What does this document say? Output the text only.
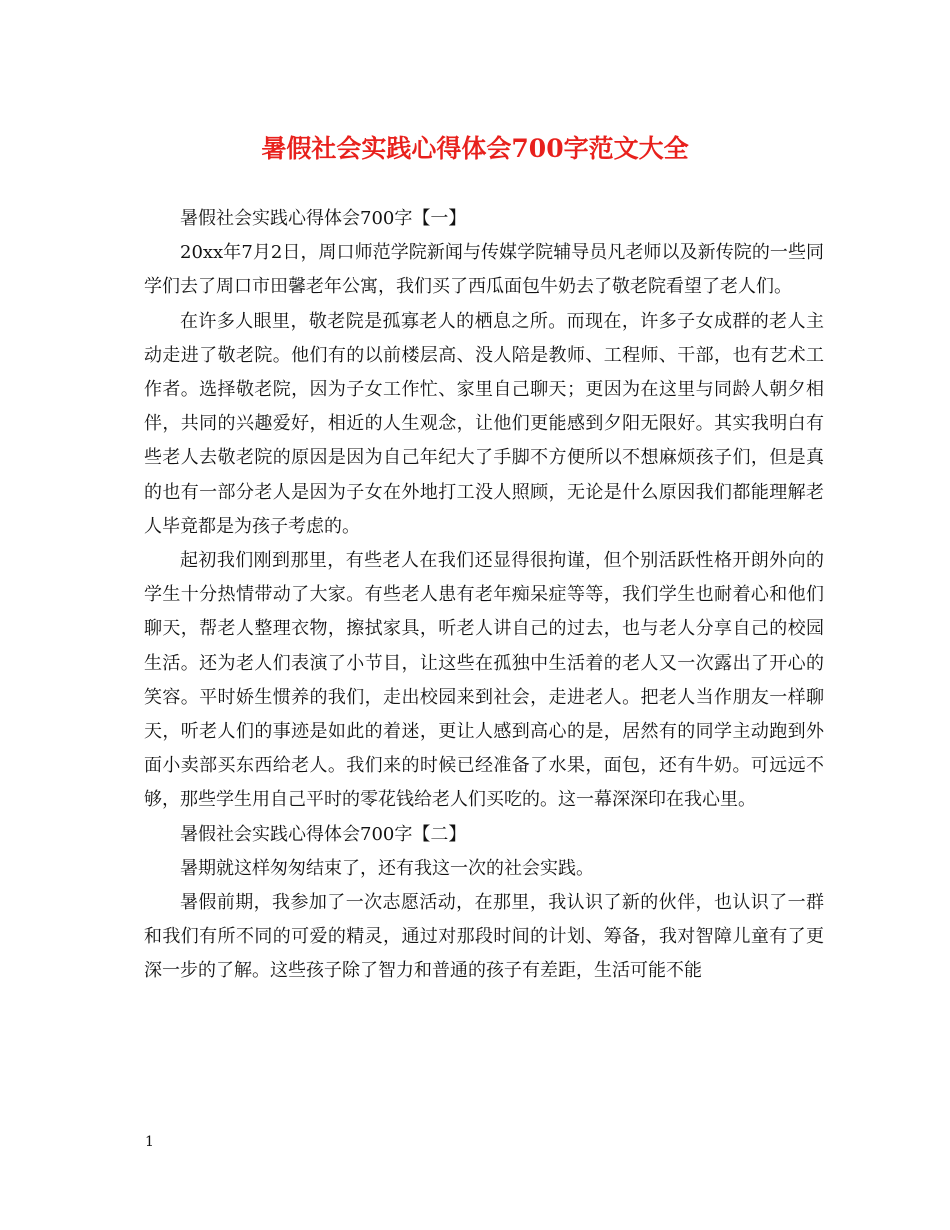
暑假社会实践心得体会700字范文大全

暑假社会实践心得体会700字【一】

20xx年7月2日，周口师范学院新闻与传媒学院辅导员凡老师以及新传院的一些同学们去了周口市田馨老年公寓，我们买了西瓜面包牛奶去了敬老院看望了老人们。

在许多人眼里，敬老院是孤寡老人的栖息之所。而现在，许多子女成群的老人主动走进了敬老院。他们有的以前楼层高、没人陪是教师、工程师、干部，也有艺术工作者。选择敬老院，因为子女工作忙、家里自己聊天；更因为在这里与同龄人朝夕相伴，共同的兴趣爱好，相近的人生观念，让他们更能感到夕阳无限好。其实我明白有些老人去敬老院的原因是因为自己年纪大了手脚不方便所以不想麻烦孩子们，但是真的也有一部分老人是因为子女在外地打工没人照顾，无论是什么原因我们都能理解老人毕竟都是为孩子考虑的。

起初我们刚到那里，有些老人在我们还显得很拘谨，但个别活跃性格开朗外向的学生十分热情带动了大家。有些老人患有老年痴呆症等等，我们学生也耐着心和他们聊天，帮老人整理衣物，擦拭家具，听老人讲自己的过去，也与老人分享自己的校园生活。还为老人们表演了小节目，让这些在孤独中生活着的老人又一次露出了开心的笑容。平时娇生惯养的我们，走出校园来到社会，走进老人。把老人当作朋友一样聊天，听老人们的事迹是如此的着迷，更让人感到高心的是，居然有的同学主动跑到外面小卖部买东西给老人。我们来的时候已经准备了水果，面包，还有牛奶。可远远不够，那些学生用自己平时的零花钱给老人们买吃的。这一幕深深印在我心里。

暑假社会实践心得体会700字【二】

暑期就这样匆匆结束了，还有我这一次的社会实践。

暑假前期，我参加了一次志愿活动，在那里，我认识了新的伙伴，也认识了一群和我们有所不同的可爱的精灵，通过对那段时间的计划、筹备，我对智障儿童有了更深一步的了解。这些孩子除了智力和普通的孩子有差距，生活可能不能

1
